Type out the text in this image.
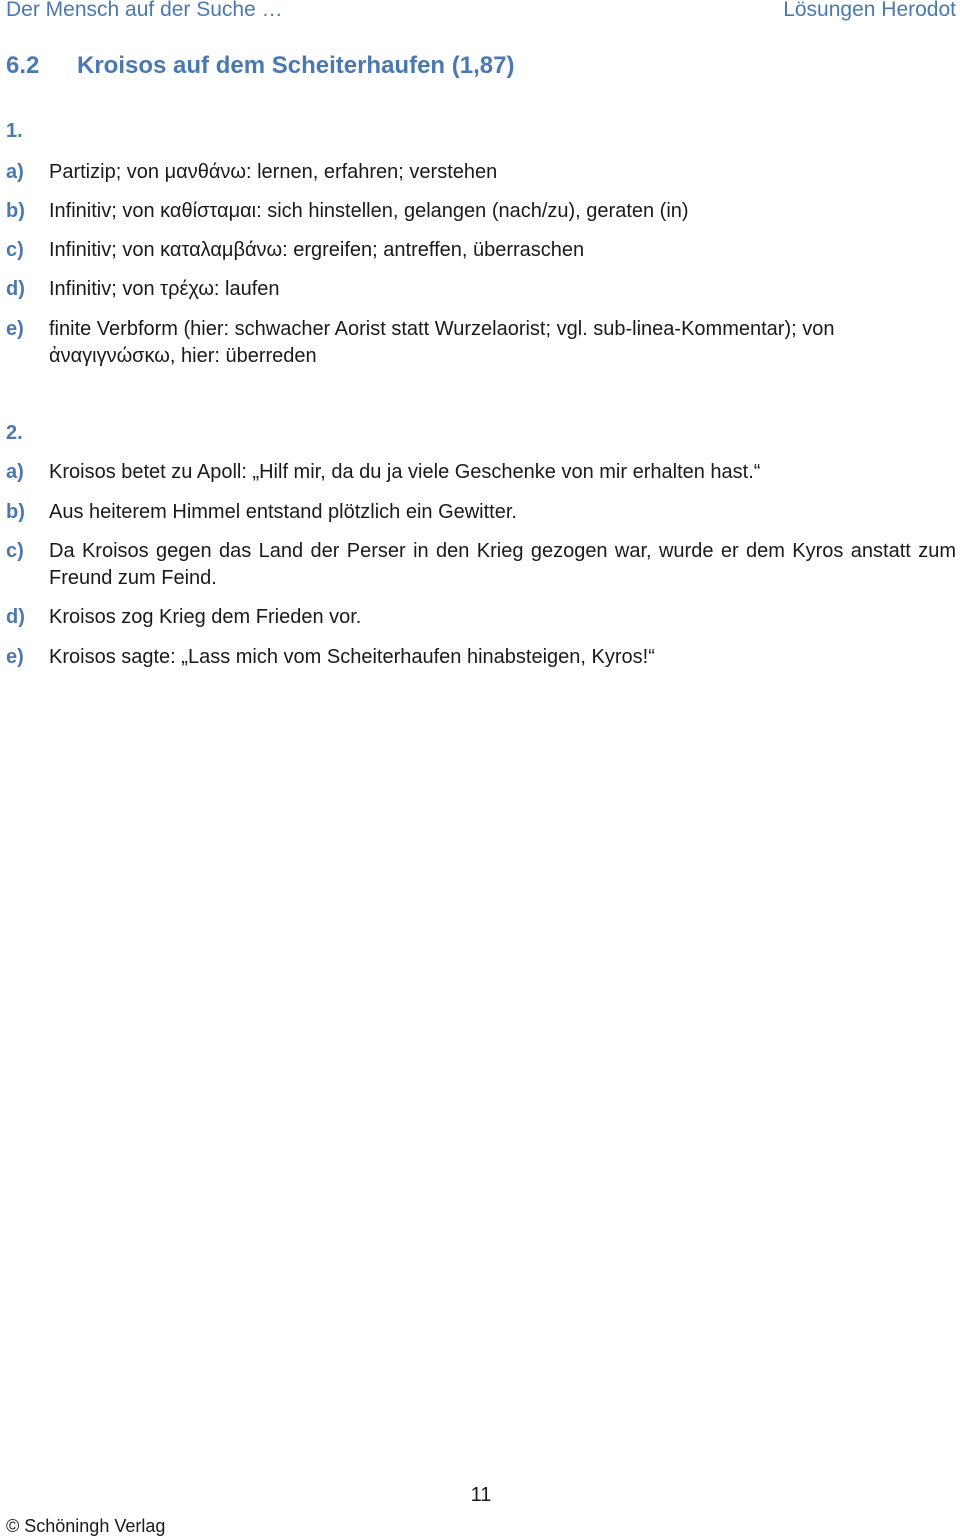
Der Mensch auf der Suche …	Lösungen Herodot
6.2 Kroisos auf dem Scheiterhaufen (1,87)
1.
a) Partizip; von μανθάνω: lernen, erfahren; verstehen
b) Infinitiv; von καθίσταμαι: sich hinstellen, gelangen (nach/zu), geraten (in)
c) Infinitiv; von καταλαμβάνω: ergreifen; antreffen, überraschen
d) Infinitiv; von τρέχω: laufen
e) finite Verbform (hier: schwacher Aorist statt Wurzelaorist; vgl. sub-linea-Kommentar); von ἀναγιγνώσκω, hier: überreden
2.
a) Kroisos betet zu Apoll: „Hilf mir, da du ja viele Geschenke von mir erhalten hast.“
b) Aus heiterem Himmel entstand plötzlich ein Gewitter.
c) Da Kroisos gegen das Land der Perser in den Krieg gezogen war, wurde er dem Kyros anstatt zum Freund zum Feind.
d) Kroisos zog Krieg dem Frieden vor.
e) Kroisos sagte: „Lass mich vom Scheiterhaufen hinabsteigen, Kyros!“
11
© Schöningh Verlag
